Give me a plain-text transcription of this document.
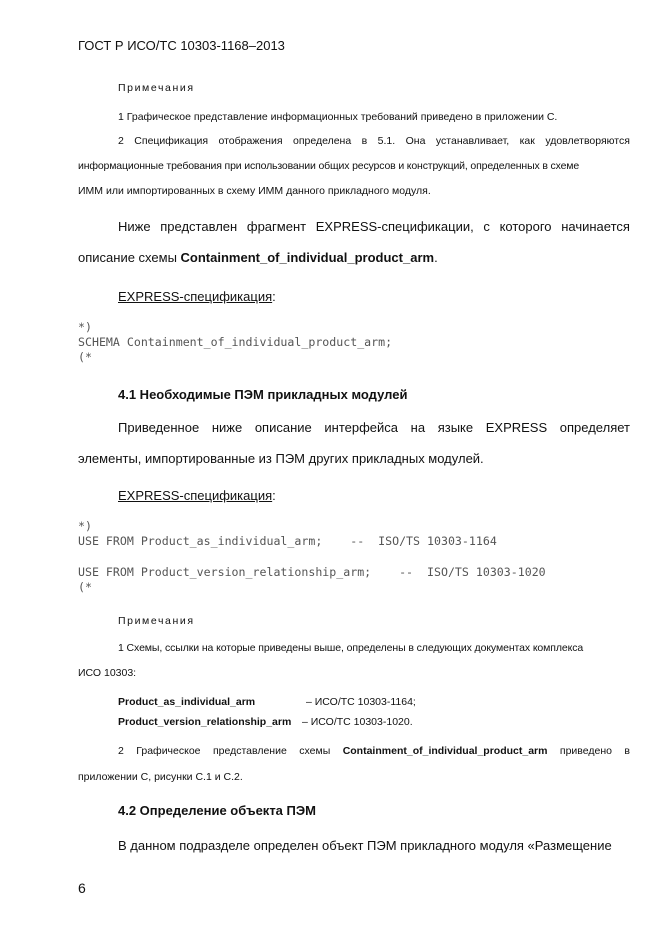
ГОСТ Р ИСО/ТС 10303-1168–2013
Примечания
1 Графическое представление информационных требований приведено в приложении С.
2 Спецификация отображения определена в 5.1. Она устанавливает, как удовлетворяются
информационные требования при использовании общих ресурсов и конструкций, определенных в схеме
ИММ или импортированных в схему ИММ данного прикладного модуля.
Ниже представлен фрагмент EXPRESS-спецификации, с которого начинается
описание схемы Containment_of_individual_product_arm.
EXPRESS-спецификация:
*)
SCHEMA Containment_of_individual_product_arm;
(*
4.1 Необходимые ПЭМ прикладных модулей
Приведенное ниже описание интерфейса на языке EXPRESS определяет
элементы, импортированные из ПЭМ других прикладных модулей.
EXPRESS-спецификация:
*)
USE FROM Product_as_individual_arm;    --  ISO/TS 10303-1164
USE FROM Product_version_relationship_arm;    --  ISO/TS 10303-1020
(*
Примечания
1 Схемы, ссылки на которые приведены выше, определены в следующих документах комплекса
ИСО 10303:
Product_as_individual_arm	– ИСО/ТС 10303-1164;
Product_version_relationship_arm – ИСО/ТС 10303-1020.
2 Графическое представление схемы Containment_of_individual_product_arm приведено в
приложении С, рисунки С.1 и С.2.
4.2 Определение объекта ПЭМ
В данном подразделе определен объект ПЭМ прикладного модуля «Размещение
6
